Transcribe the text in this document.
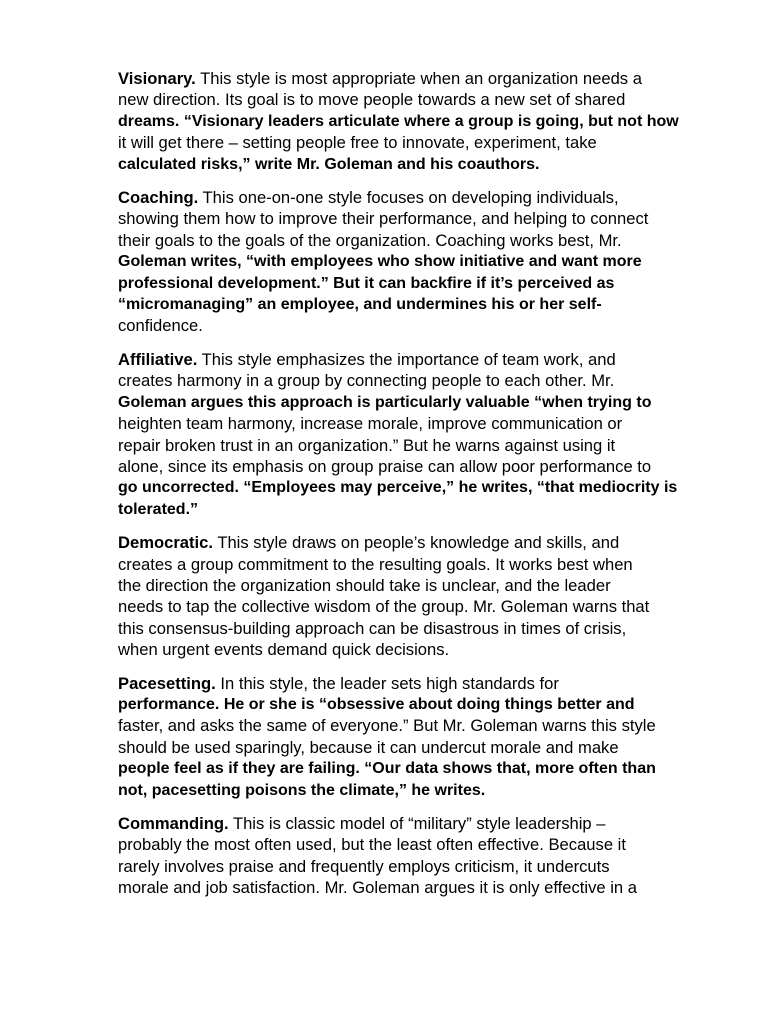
Visionary. This style is most appropriate when an organization needs a
new direction. Its goal is to move people towards a new set of shared
dreams. “Visionary leaders articulate where a group is going, but not how
it will get there – setting people free to innovate, experiment, take
calculated risks,” write Mr. Goleman and his coauthors.

Coaching. This one-on-one style focuses on developing individuals,
showing them how to improve their performance, and helping to connect
their goals to the goals of the organization. Coaching works best, Mr.
Goleman writes, “with employees who show initiative and want more
professional development.” But it can backfire if it’s perceived as
“micromanaging” an employee, and undermines his or her self-
confidence.

Affiliative. This style emphasizes the importance of team work, and
creates harmony in a group by connecting people to each other. Mr.
Goleman argues this approach is particularly valuable “when trying to
heighten team harmony, increase morale, improve communication or
repair broken trust in an organization.” But he warns against using it
alone, since its emphasis on group praise can allow poor performance to
go uncorrected. “Employees may perceive,” he writes, “that mediocrity is
tolerated.”

Democratic. This style draws on people’s knowledge and skills, and
creates a group commitment to the resulting goals. It works best when
the direction the organization should take is unclear, and the leader
needs to tap the collective wisdom of the group. Mr. Goleman warns that
this consensus-building approach can be disastrous in times of crisis,
when urgent events demand quick decisions.

Pacesetting. In this style, the leader sets high standards for
performance. He or she is “obsessive about doing things better and
faster, and asks the same of everyone.” But Mr. Goleman warns this style
should be used sparingly, because it can undercut morale and make
people feel as if they are failing. “Our data shows that, more often than
not, pacesetting poisons the climate,” he writes.

Commanding. This is classic model of “military” style leadership –
probably the most often used, but the least often effective. Because it
rarely involves praise and frequently employs criticism, it undercuts
morale and job satisfaction. Mr. Goleman argues it is only effective in a
